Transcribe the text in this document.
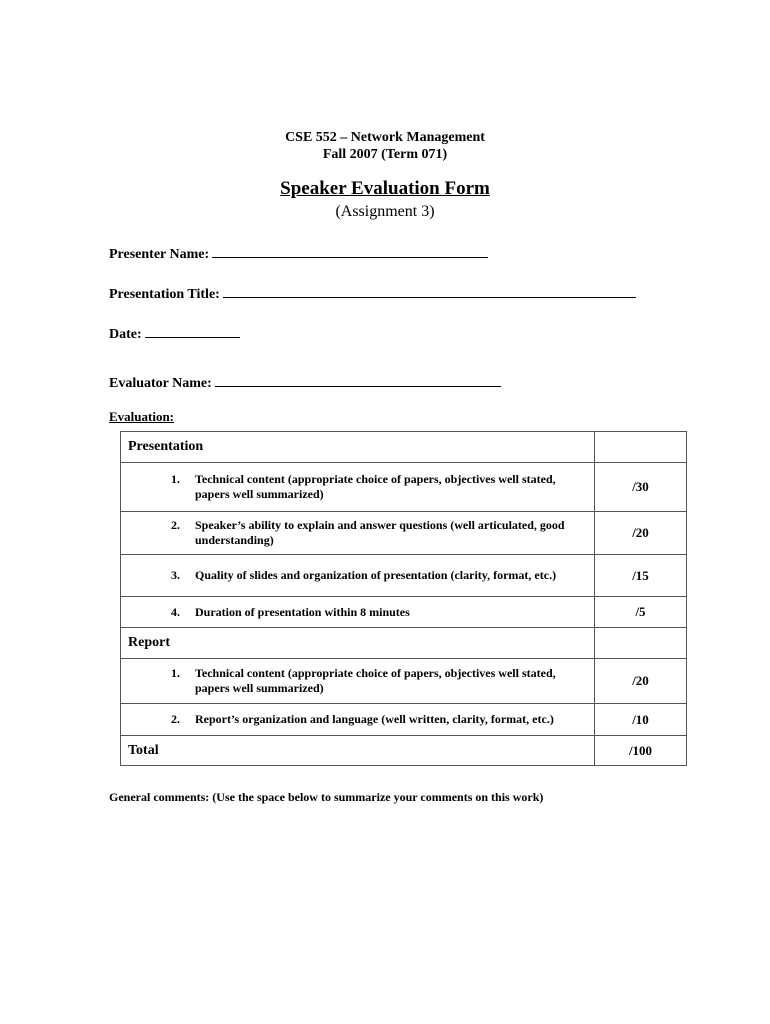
CSE 552 – Network Management
Fall 2007 (Term 071)
Speaker Evaluation Form
(Assignment 3)
Presenter Name:
Presentation Title:
Date:
Evaluator Name:
Evaluation:
Presentation	

1. Technical content (appropriate choice of papers, objectives well stated, papers well summarized)	/30

2. Speaker’s ability to explain and answer questions (well articulated, good understanding)	/20

3. Quality of slides and organization of presentation (clarity, format, etc.)	/15

4. Duration of presentation within 8 minutes	/5
Report	

1. Technical content (appropriate choice of papers, objectives well stated, papers well summarized)	/20

2. Report’s organization and language (well written, clarity, format, etc.)	/10
Total	/100
General comments: (Use the space below to summarize your comments on this work)
